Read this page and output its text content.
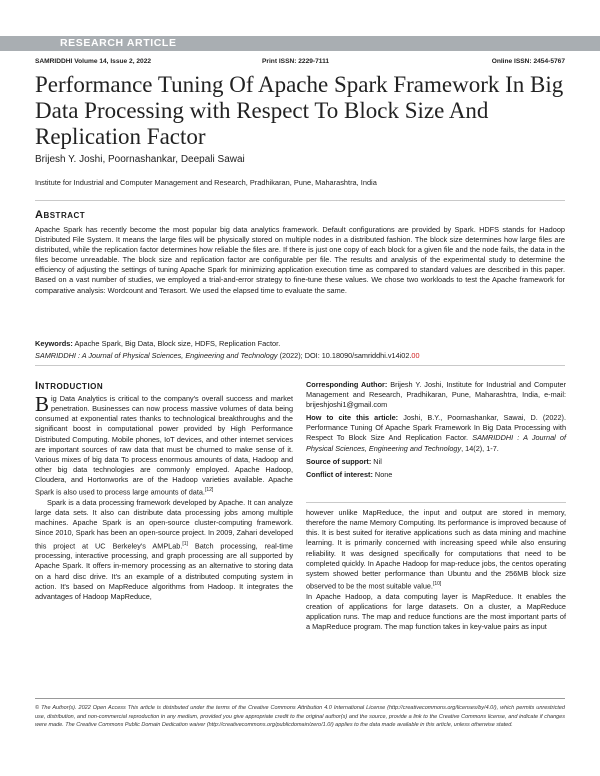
RESEARCH ARTICLE
SAMRIDDHI Volume 14, Issue 2, 2022	Print ISSN: 2229-7111	Online ISSN: 2454-5767
Performance Tuning Of Apache Spark Framework In Big Data Processing with Respect To Block Size And Replication Factor
Brijesh Y. Joshi, Poornashankar, Deepali Sawai
Institute for Industrial and Computer Management and Research, Pradhikaran, Pune, Maharashtra, India
Abstract

Apache Spark has recently become the most popular big data analytics framework. Default configurations are provided by Spark. HDFS stands for Hadoop Distributed File System. It means the large files will be physically stored on multiple nodes in a distributed fashion. The block size determines how large files are distributed, while the replication factor determines how reliable the files are. If there is just one copy of each block for a given file and the node fails, the data in the files become unreadable. The block size and replication factor are configurable per file. The results and analysis of the experimental study to determine the efficiency of adjusting the settings of tuning Apache Spark for minimizing application execution time as compared to standard values are described in this paper. Based on a vast number of studies, we employed a trial-and-error strategy to fine-tune these values. We chose two workloads to test the Apache framework for comparative analysis: Wordcount and Terasort. We used the elapsed time to evaluate the same.

Keywords: Apache Spark, Big Data, Block size, HDFS, Replication Factor.
SAMRIDDHI : A Journal of Physical Sciences, Engineering and Technology (2022); DOI: 10.18090/samriddhi.v14i02.00
Introduction

Big Data Analytics is critical to the company's overall success and market penetration. Businesses can now process massive volumes of data being consumed at exponential rates thanks to technological breakthroughs and the significant boost in computational power provided by High Performance Distributed Computing. Mobile phones, IoT devices, and other internet services are important sources of raw data that must be churned to make sense of it. Various mixes of big data To process enormous amounts of data, Hadoop and other big data technologies are commonly employed. Apache Hadoop, Cloudera, and Hortonworks are of the Hadoop varieties available. Apache Spark is also used to process large amounts of data.[12]

Spark is a data processing framework developed by Apache. It can analyze large data sets. It also can distribute data processing jobs among multiple machines. Apache Spark is an open-source cluster-computing framework. Since 2010, Spark has been an open-source project. In 2009, Zahari developed this project at UC Berkeley's AMPLab.[1] Batch processing, real-time processing, interactive processing, and graph processing are all supported by Apache Spark. It offers in-memory processing as an alternative to storing data on a hard disc drive. It's an example of a distributed computing system in action. It's based on MapReduce algorithms from Hadoop. It integrates the advantages of Hadoop MapReduce,

Corresponding Author: Brijesh Y. Joshi, Institute for Industrial and Computer Management and Research, Pradhikaran, Pune, Maharashtra, India, e-mail: brijeshjoshi1@gmail.com

How to cite this article: Joshi, B.Y., Poornashankar, Sawai, D. (2022). Performance Tuning Of Apache Spark Framework In Big Data Processing with Respect To Block Size And Replication Factor. SAMRIDDHI : A Journal of Physical Sciences, Engineering and Technology, 14(2), 1-7.

Source of support: Nil

Conflict of interest: None

however unlike MapReduce, the input and output are stored in memory, therefore the name Memory Computing. Its performance is improved because of this. It is best suited for iterative applications such as data mining and machine learning. It is primarily concerned with increasing speed while also ensuring reliability. It was designed specifically for computations that need to be completed quickly. In Apache Hadoop for map-reduce jobs, the centos operating system showed better performance than Ubuntu and the 256MB block size observed to be the most suitable value.[10]

In Apache Hadoop, a data computing layer is MapReduce. It enables the creation of applications for large datasets. On a cluster, a MapReduce application runs. The map and reduce functions are the most important parts of a MapReduce program. The map function takes in key-value pairs as input

© The Author(s). 2022 Open Access This article is distributed under the terms of the Creative Commons Attribution 4.0 International License (http://creativecommons.org/licenses/by/4.0/), which permits unrestricted use, distribution, and non-commercial reproduction in any medium, provided you give appropriate credit to the original author(s) and the source, provide a link to the Creative Commons license, and indicate if changes were made. The Creative Commons Public Domain Dedication waiver (http://creativecommons.org/publicdomain/zero/1.0/) applies to the data made available in this article, unless otherwise stated.
